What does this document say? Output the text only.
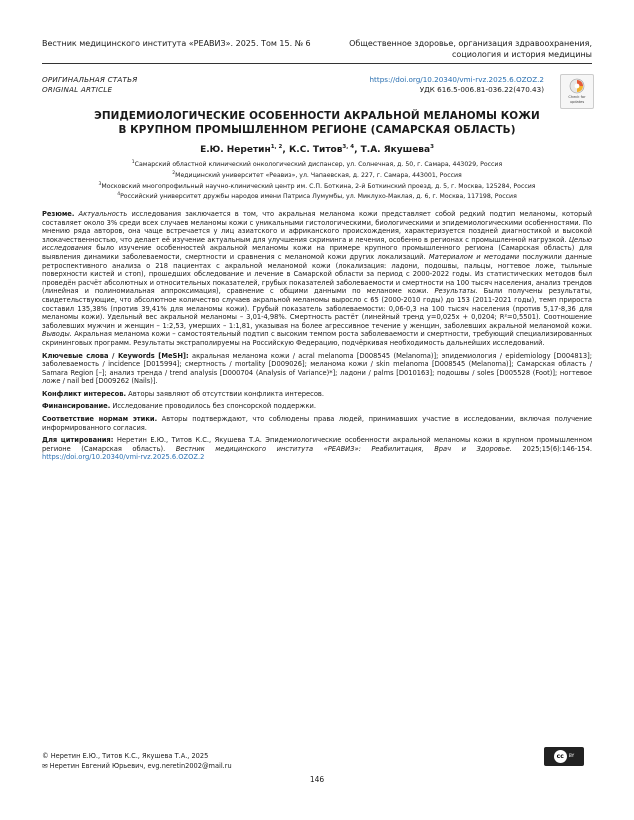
Вестник медицинского института «РЕАВИЗ». 2025. Том 15. № 6	Общественное здоровье, организация здравоохранения,
социология и история медицины
ОРИГИНАЛЬНАЯ СТАТЬЯ
ORIGINAL ARTICLE
https://doi.org/10.20340/vmi-rvz.2025.6.OZOZ.2
УДК 616.5-006.81-036.22(470.43)
Check for
updates
ЭПИДЕМИОЛОГИЧЕСКИЕ ОСОБЕННОСТИ АКРАЛЬНОЙ МЕЛАНОМЫ КОЖИ
В КРУПНОМ ПРОМЫШЛЕННОМ РЕГИОНЕ (САМАРСКАЯ ОБЛАСТЬ)
Е.Ю. Неретин$^{1, 2}$, К.С. Титов$^{3, 4}$, Т.А. Якушева$^3$
$^1$Самарский областной клинический онкологический диспансер, ул. Солнечная, д. 50, г. Самара, 443029, Россия
$^2$Медицинский университет «Реавиз», ул. Чапаевская, д. 227, г. Самара, 443001, Россия
$^3$Московский многопрофильный научно-клинический центр им. С.П. Боткина, 2-й Боткинский проезд, д. 5, г. Москва, 125284, Россия
$^4$Российский университет дружбы народов имени Патриса Лумумбы, ул. Миклухо-Маклая, д. 6, г. Москва, 117198, Россия

Резюме. Актуальность исследования заключается в том, что акральная меланома кожи представляет собой редкий подтип меланомы, который составляет около 3% среди всех случаев меланомы кожи с уникальными гистологическими, биологическими и эпидемиологическими особенностями. По мнению ряда авторов, она чаще встречается у лиц азиатского и африканского происхождения, характеризуется поздней диагностикой и высокой злокачественностью, что делает её изучение актуальным для улучшения скрининга и лечения, особенно в регионах с промышленной нагрузкой. Целью исследования было изучение особенностей акральной меланомы кожи на примере крупного промышленного региона (Самарская область) для выявления динамики заболеваемости, смертности и сравнения с меланомой кожи других локализаций. Материалом и методами послужили данные ретроспективного анализа о 218 пациентах с акральной меланомой кожи (локализация: ладони, подошвы, пальцы, ногтевое ложе, тыльные поверхности кистей и стоп), прошедших обследование и лечение в Самарской области за период с 2000-2022 годы. Из статистических методов был проведён расчёт абсолютных и относительных показателей, грубых показателей заболеваемости и смертности на 100 тысяч населения, анализ трендов (линейная и полиномиальная аппроксимация), сравнение с общими данными по меланоме кожи. Результаты. Были получены результаты, свидетельствующие, что абсолютное количество случаев акральной меланомы выросло с 65 (2000-2010 годы) до 153 (2011-2021 годы), темп прироста составил 135,38% (против 39,41% для меланомы кожи). Грубый показатель заболеваемости: 0,06-0,3 на 100 тысяч населения (против 5,17-8,36 для меланомы кожи). Удельный вес акральной меланомы – 3,01-4,98%. Смертность растёт (линейный тренд y=0,025x + 0,0204; R²=0,5501). Соотношение заболевших мужчин и женщин – 1:2,53, умерших – 1:1,81, указывая на более агрессивное течение у женщин, заболевших акральной меланомой кожи. Выводы. Акральная меланома кожи – самостоятельный подтип с высоким темпом роста заболеваемости и смертности, требующий специализированных скрининговых программ. Результаты экстраполируемы на Российскую Федерацию, подчёркивая необходимость дальнейших исследований.

Ключевые слова / Keywords [MeSH]: акральная меланома кожи / acral melanoma [D008545 (Melanoma)]; эпидемиология / epidemiology [D004813]; заболеваемость / incidence [D015994]; смертность / mortality [D009026]; меланома кожи / skin melanoma [D008545 (Melanoma)]; Самарская область / Samara Region [–]; анализ тренда / trend analysis [D000704 (Analysis of Variance)*]; ладони / palms [D010163]; подошвы / soles [D005528 (Foot)]; ногтевое ложе / nail bed [D009262 (Nails)].

Конфликт интересов. Авторы заявляют об отсутствии конфликта интересов.

Финансирование. Исследование проводилось без спонсорской поддержки.

Соответствие нормам этики. Авторы подтверждают, что соблюдены права людей, принимавших участие в исследовании, включая получение информированного согласия.

Для цитирования: Неретин Е.Ю., Титов К.С., Якушева Т.А. Эпидемиологические особенности акральной меланомы кожи в крупном промышленном регионе (Самарская область). Вестник медицинского института «РЕАВИЗ»: Реабилитация, Врач и Здоровье. 2025;15(6):146-154. https://doi.org/10.20340/vmi-rvz.2025.6.OZOZ.2

© Неретин Е.Ю., Титов К.С., Якушева Т.А., 2025
✉ Неретин Евгений Юрьевич, evg.neretin2002@mail.ru
cc	BY
146
